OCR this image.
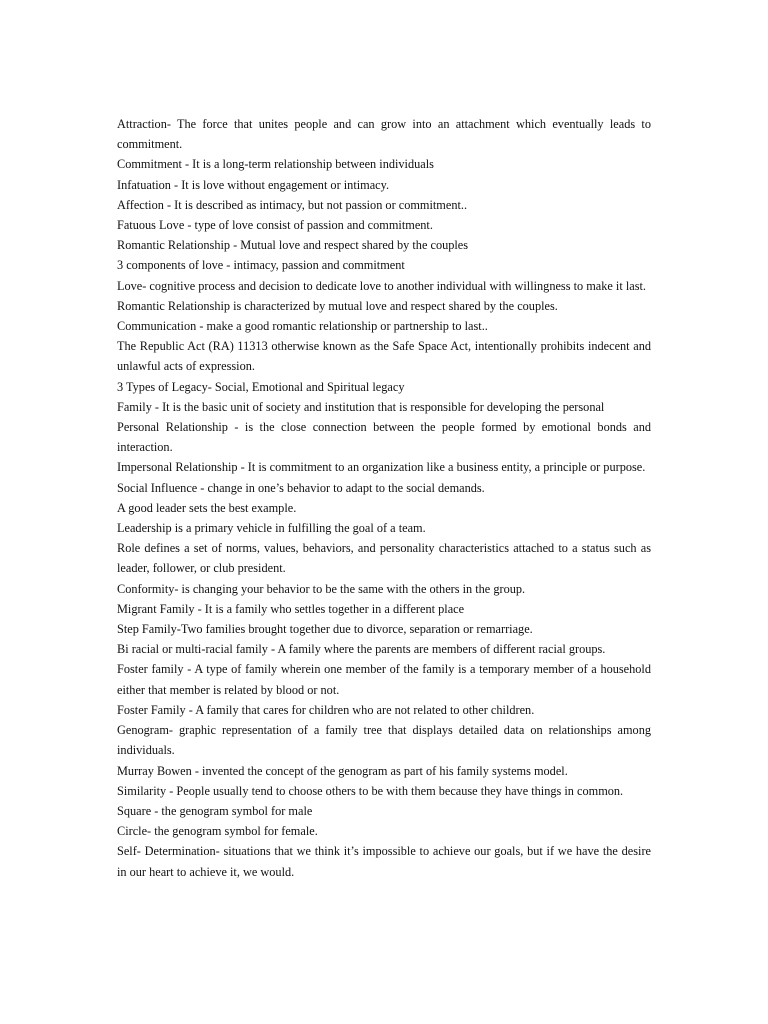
Attraction- The force that unites people and can grow into an attachment which eventually leads to commitment.

Commitment - It is a long-term relationship between individuals

Infatuation - It is love without engagement or intimacy.

Affection - It is described as intimacy, but not passion or commitment..

Fatuous Love - type of love consist of passion and commitment.

Romantic Relationship - Mutual love and respect shared by the couples

3 components of love - intimacy, passion and commitment

Love- cognitive process and decision to dedicate love to another individual with willingness to make it last.

Romantic Relationship is characterized by mutual love and respect shared by the couples.

Communication - make a good romantic relationship or partnership to last..

The Republic Act (RA) 11313 otherwise known as the Safe Space Act, intentionally prohibits indecent and unlawful acts of expression.

3 Types of Legacy- Social, Emotional and Spiritual legacy

Family - It is the basic unit of society and institution that is responsible for developing the personal

Personal Relationship - is the close connection between the people formed by emotional bonds and interaction.

Impersonal Relationship - It is commitment to an organization like a business entity, a principle or purpose.

Social Influence - change in one’s behavior to adapt to the social demands.

A good leader sets the best example.

Leadership is a primary vehicle in fulfilling the goal of a team.

Role defines a set of norms, values, behaviors, and personality characteristics attached to a status such as leader, follower, or club president.

Conformity- is changing your behavior to be the same with the others in the group.

Migrant Family - It is a family who settles together in a different place

Step Family-Two families brought together due to divorce, separation or remarriage.

Bi racial or multi-racial family - A family where the parents are members of different racial groups.

Foster family - A type of family wherein one member of the family is a temporary member of a household either that member is related by blood or not.

Foster Family - A family that cares for children who are not related to other children.

Genogram- graphic representation of a family tree that displays detailed data on relationships among individuals.

Murray Bowen - invented the concept of the genogram as part of his family systems model.

Similarity - People usually tend to choose others to be with them because they have things in common.

Square - the genogram symbol for male

Circle- the genogram symbol for female.

Self- Determination- situations that we think it’s impossible to achieve our goals, but if we have the desire in our heart to achieve it, we would.
